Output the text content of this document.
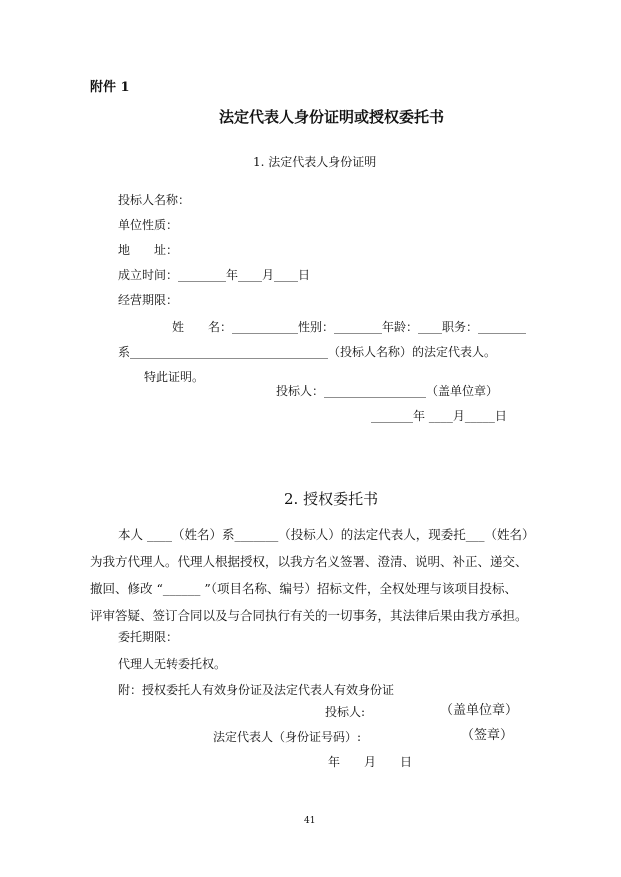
附件 1
法定代表人身份证明或授权委托书
1. 法定代表人身份证明
投标人名称：
单位性质：
地　　址：
成立时间：________年____月____日
经营期限：
姓　　名：___________性别：________年龄：____职务：________
系_________________________________（投标人名称）的法定代表人。
特此证明。
投标人：_________________（盖单位章）
_______年 ____月_____日
2. 授权委托书
本人 ____（姓名）系_______（投标人）的法定代表人，现委托___（姓名）
为我方代理人。代理人根据授权，以我方名义签署、澄清、说明、补正、递交、
撤回、修改 “______ ”（项目名称、编号）招标文件，全权处理与该项目投标、
评审答疑、签订合同以及与合同执行有关的一切事务，其法律后果由我方承担。
委托期限：
代理人无转委托权。
附：授权委托人有效身份证及法定代表人有效身份证
投标人:	（盖单位章）
法定代表人（身份证号码）:	（签章）
年　　月　　日
41
